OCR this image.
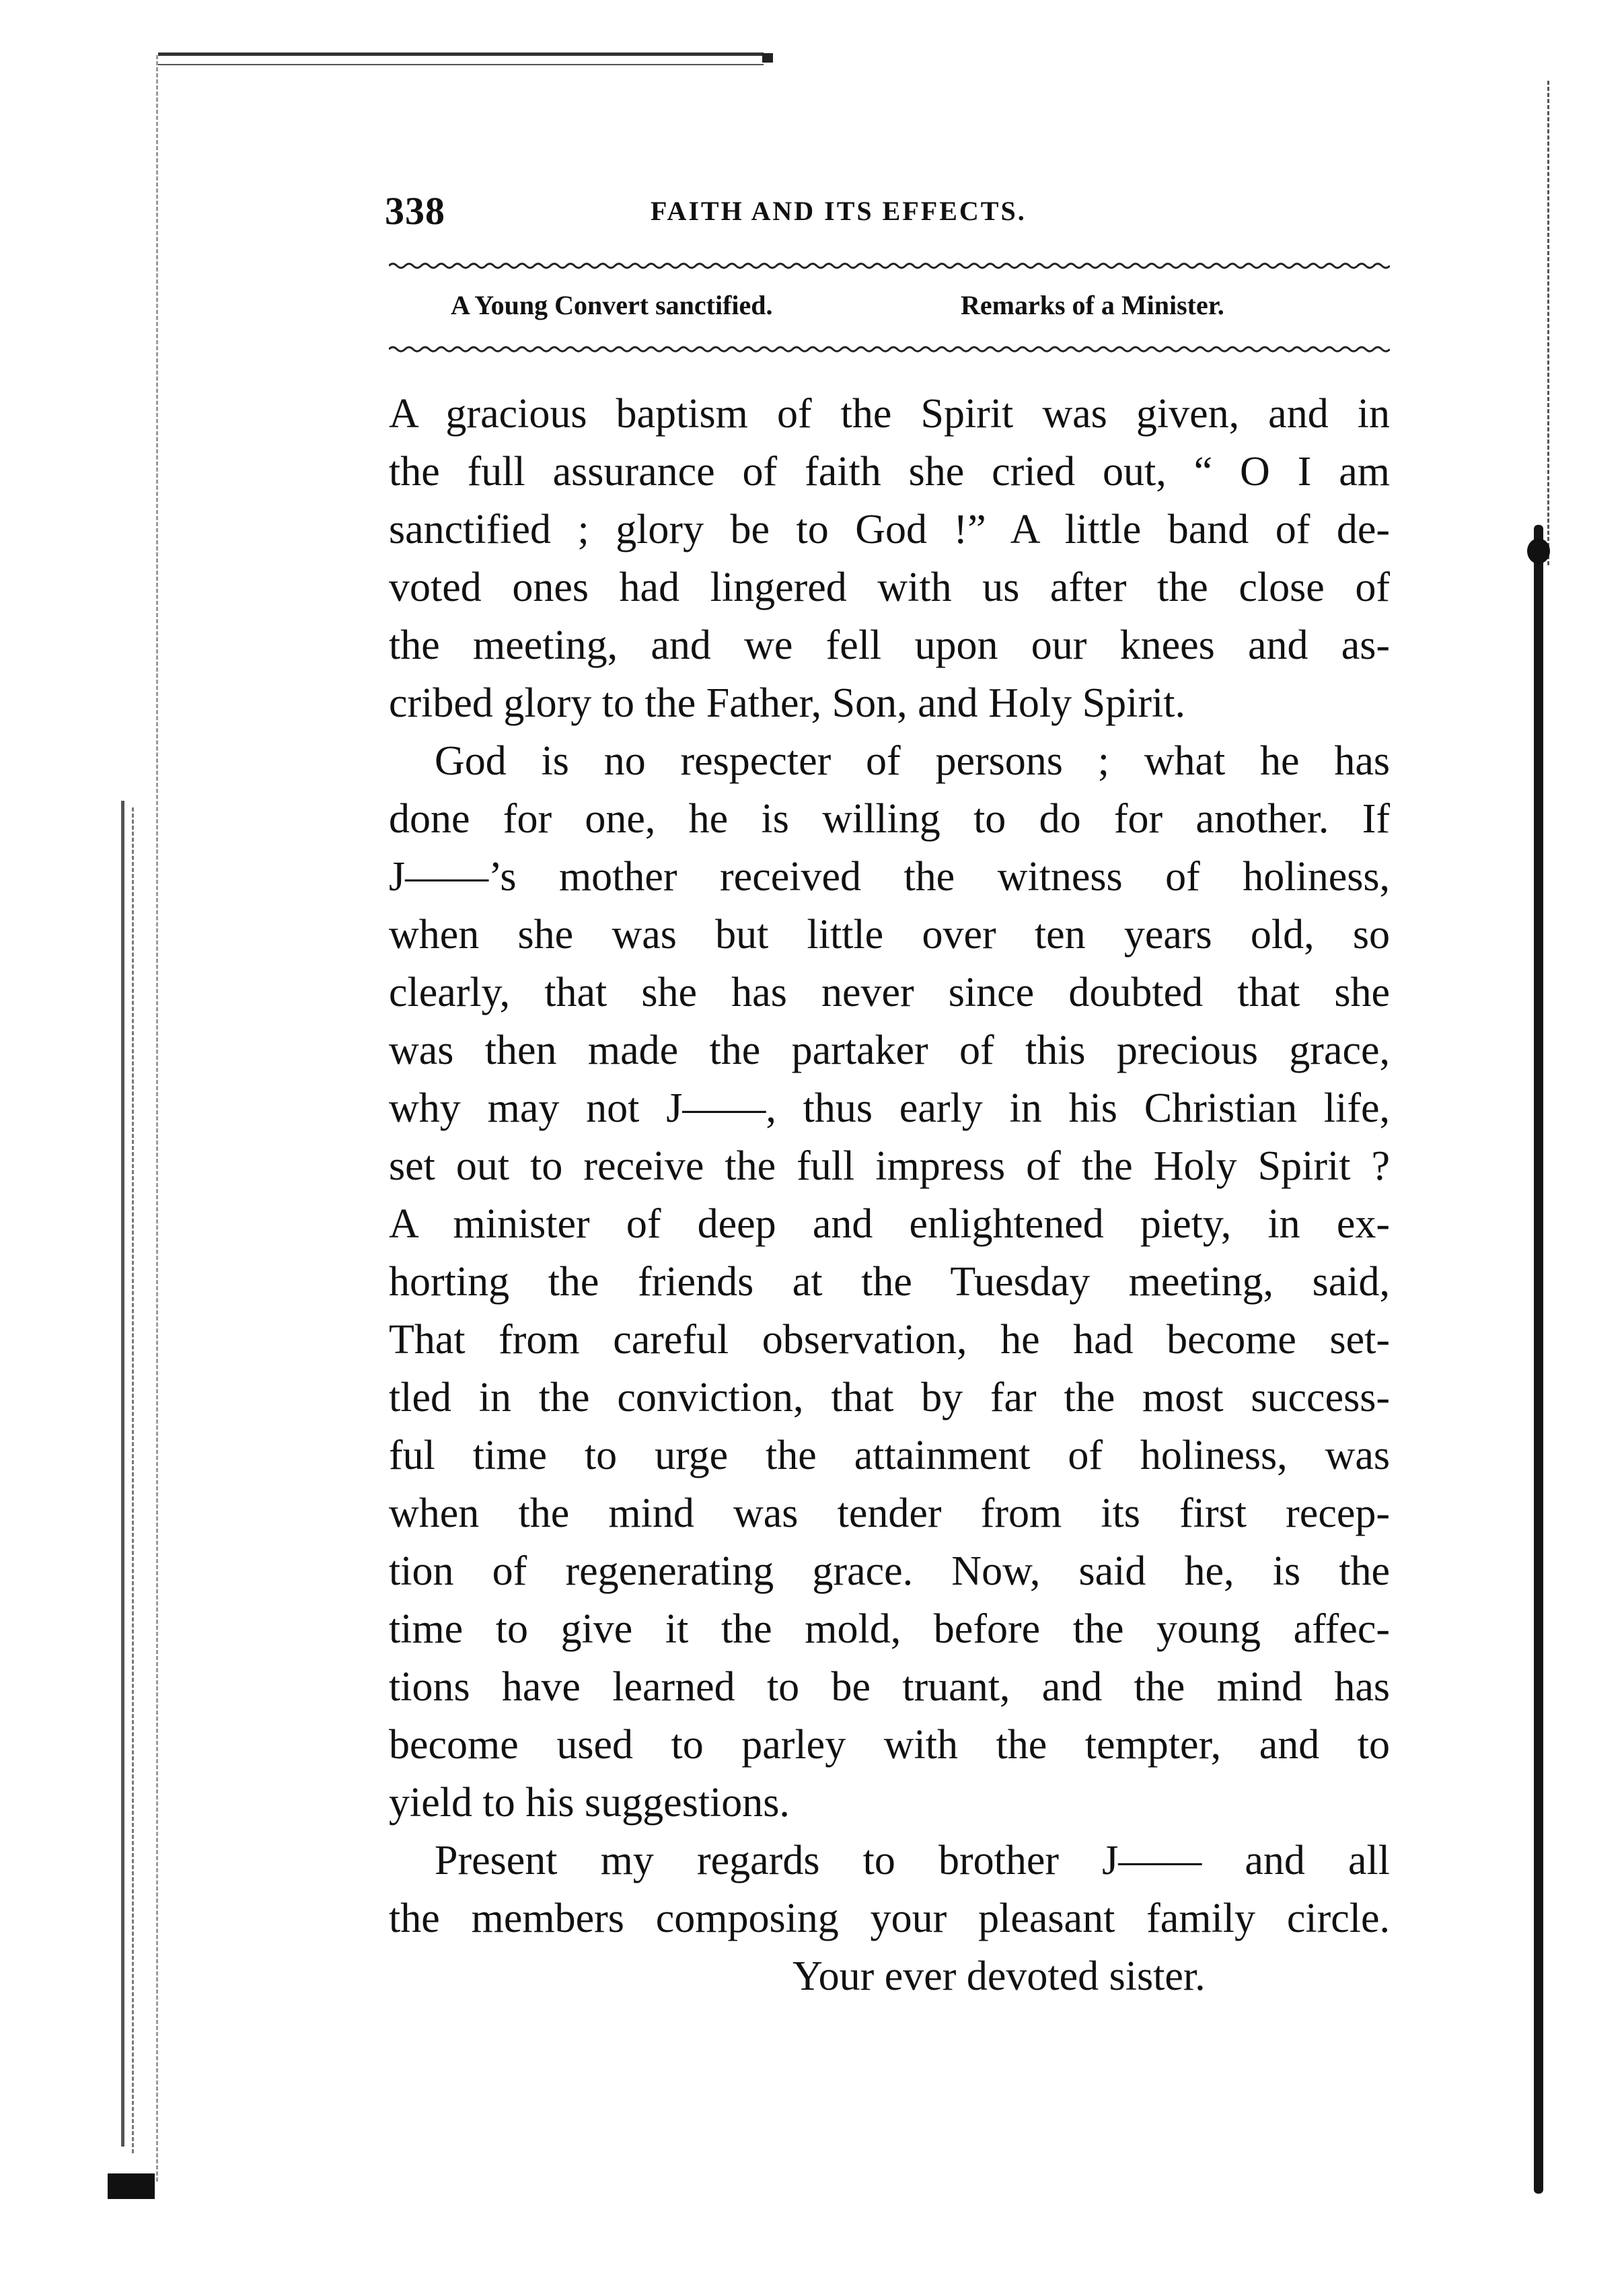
338	FAITH AND ITS EFFECTS.
A Young Convert sanctified.	Remarks of a Minister.
A gracious baptism of the Spirit was given, and in
the full assurance of faith she cried out, “ O I am
sanctified ; glory be to God !” A little band of de-
voted ones had lingered with us after the close of
the meeting, and we fell upon our knees and as-
cribed glory to the Father, Son, and Holy Spirit.
God is no respecter of persons ; what he has
done for one, he is willing to do for another. If
J——’s mother received the witness of holiness,
when she was but little over ten years old, so
clearly, that she has never since doubted that she
was then made the partaker of this precious grace,
why may not J——, thus early in his Christian life,
set out to receive the full impress of the Holy Spirit ?
A minister of deep and enlightened piety, in ex-
horting the friends at the Tuesday meeting, said,
That from careful observation, he had become set-
tled in the conviction, that by far the most success-
ful time to urge the attainment of holiness, was
when the mind was tender from its first recep-
tion of regenerating grace. Now, said he, is the
time to give it the mold, before the young affec-
tions have learned to be truant, and the mind has
become used to parley with the tempter, and to
yield to his suggestions.
Present my regards to brother J—— and all
the members composing your pleasant family circle.
Your ever devoted sister.
